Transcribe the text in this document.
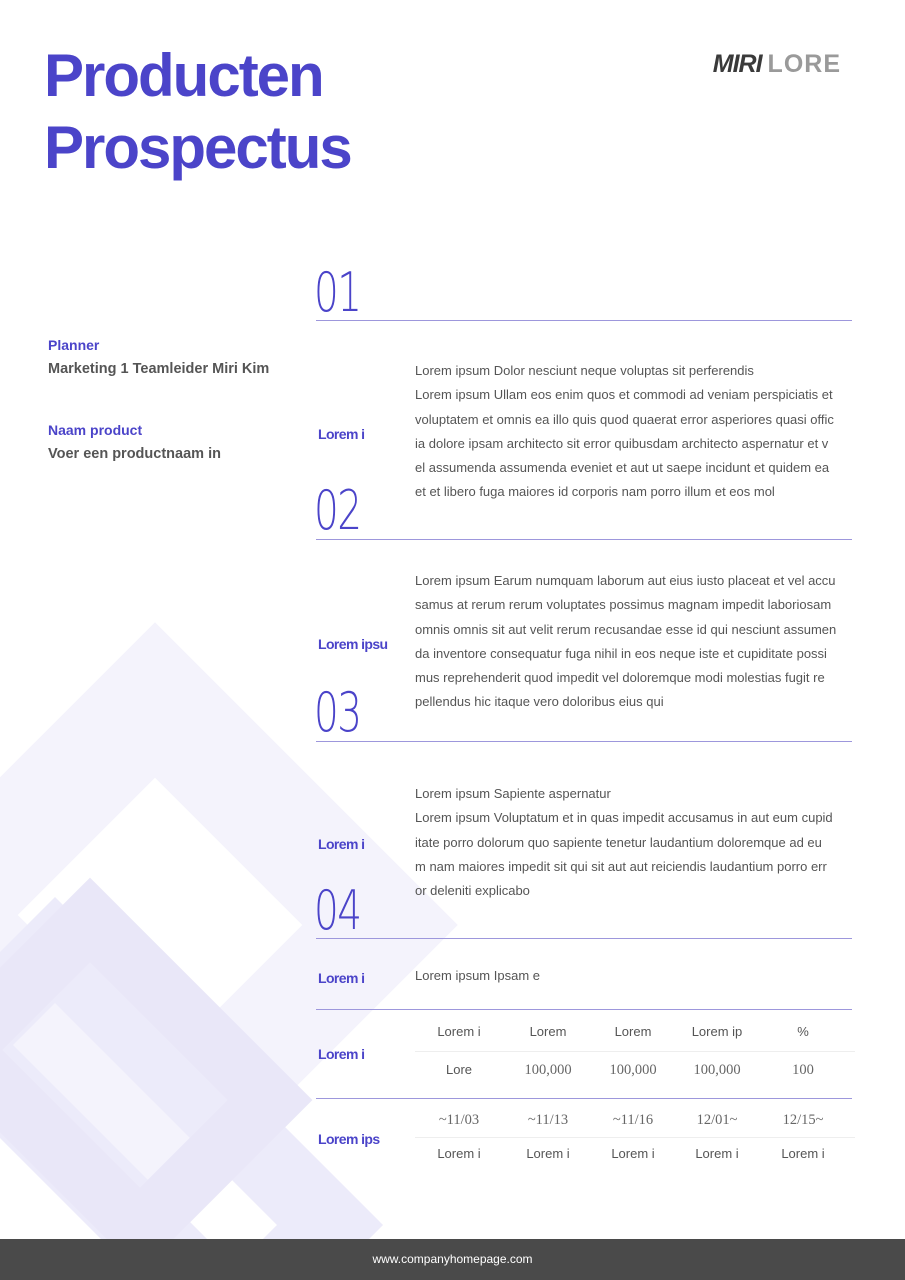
Producten
Prospectus
MIRI LORE
Planner
Marketing 1 Teamleider Miri Kim
Naam product
Voer een productnaam in
01
Lorem i

Lorem ipsum Dolor nesciunt neque voluptas sit perferendis

Lorem ipsum Ullam eos enim quos et commodi ad veniam perspiciatis et

voluptatem et omnis ea illo quis quod quaerat error asperiores quasi offic

ia dolore ipsam architecto sit error quibusdam architecto aspernatur et v

el assumenda assumenda eveniet et aut ut saepe incidunt et quidem ea

et et libero fuga maiores id corporis nam porro illum et eos mol

02
Lorem ipsu

Lorem ipsum Earum numquam laborum aut eius iusto placeat et vel accu

samus at rerum rerum voluptates possimus magnam impedit laboriosam

omnis omnis sit aut velit rerum recusandae esse id qui nesciunt assumen

da inventore consequatur fuga nihil in eos neque iste et cupiditate possi

mus reprehenderit quod impedit vel doloremque modi molestias fugit re

pellendus hic itaque vero doloribus eius qui

03
Lorem i

Lorem ipsum Sapiente aspernatur

Lorem ipsum Voluptatum et in quas impedit accusamus in aut eum cupid

itate porro dolorum quo sapiente tenetur laudantium doloremque ad eu

m nam maiores impedit sit qui sit aut aut reiciendis laudantium porro err

or deleniti explicabo

04
Lorem i	Lorem ipsum Ipsam e

Lorem i
Lorem i	Lorem	Lorem	Lorem ip	%
Lore	100,000	100,000	100,000	100
Lorem ips
~11/03	~11/13	~11/16	12/01~	12/15~
Lorem i	Lorem i	Lorem i	Lorem i	Lorem i
www.companyhomepage.com
